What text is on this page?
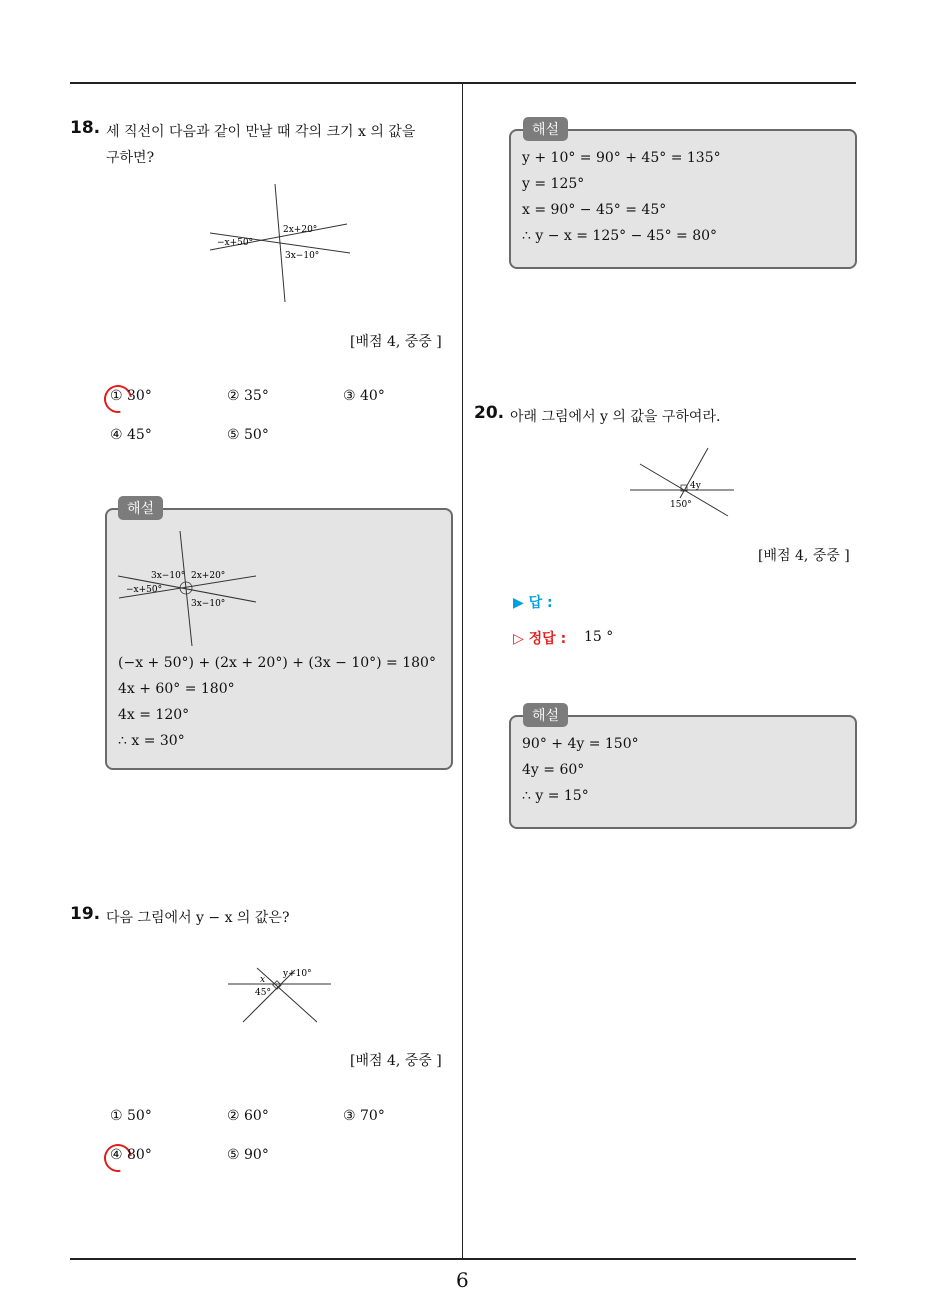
18. 세 직선이 다음과 같이 만날 때 각의 크기 x 의 값을
구하면?
2x+20°
−x+50°
3x−10°
[배점 4, 중중 ]
① 30°	② 35°	③ 40°
④ 45°	⑤ 50°
해설
3x−10° 2x+20°
−x+50°
3x−10°
(−x + 50°) + (2x + 20°) + (3x − 10°) = 180°
4x + 60° = 180°
4x = 120°
∴ x = 30°
19. 다음 그림에서 y − x 의 값은?
y+10°
x
45°
[배점 4, 중중 ]
① 50°	② 60°	③ 70°
④ 80°	⑤ 90°
해설
y + 10° = 90° + 45° = 135°
y = 125°
x = 90° − 45° = 45°
∴ y − x = 125° − 45° = 80°
20. 아래 그림에서 y 의 값을 구하여라.
4y
150°
[배점 4, 중중 ]
▶ 답 :
▷ 정답 : 15 °
해설
90° + 4y = 150°
4y = 60°
∴ y = 15°
6
